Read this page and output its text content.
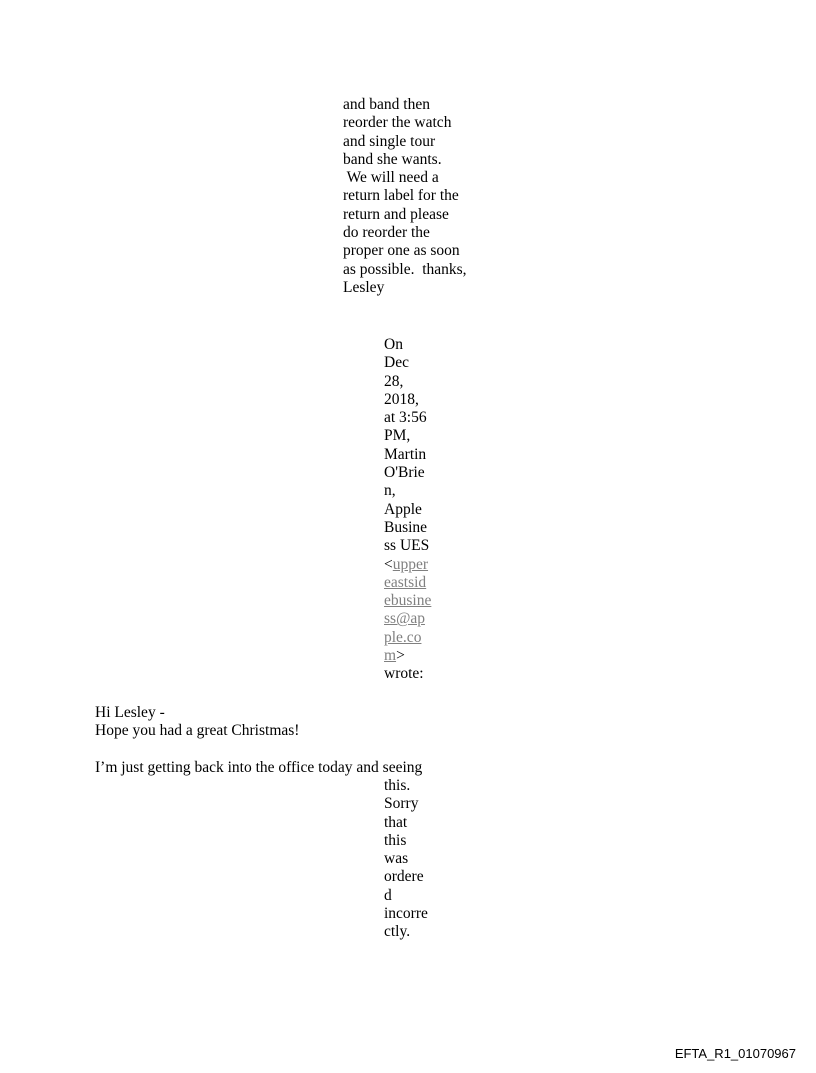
and band then
reorder the watch
and single tour
band she wants.
We will need a
return label for the
return and please
do reorder the
proper one as soon
as possible.  thanks,
Lesley
On
Dec
28,
2018,
at 3:56
PM,
Martin
O'Brie
n,
Apple
Busine
ss UES
<upper
eastsid
ebusine
ss@ap
ple.co
m>
wrote:
Hi Lesley -
Hope you had a great Christmas!

I’m just getting back into the office today and seeing
this.
Sorry
that
this
was
ordere
d
incorre
ctly.
EFTA_R1_01070967
